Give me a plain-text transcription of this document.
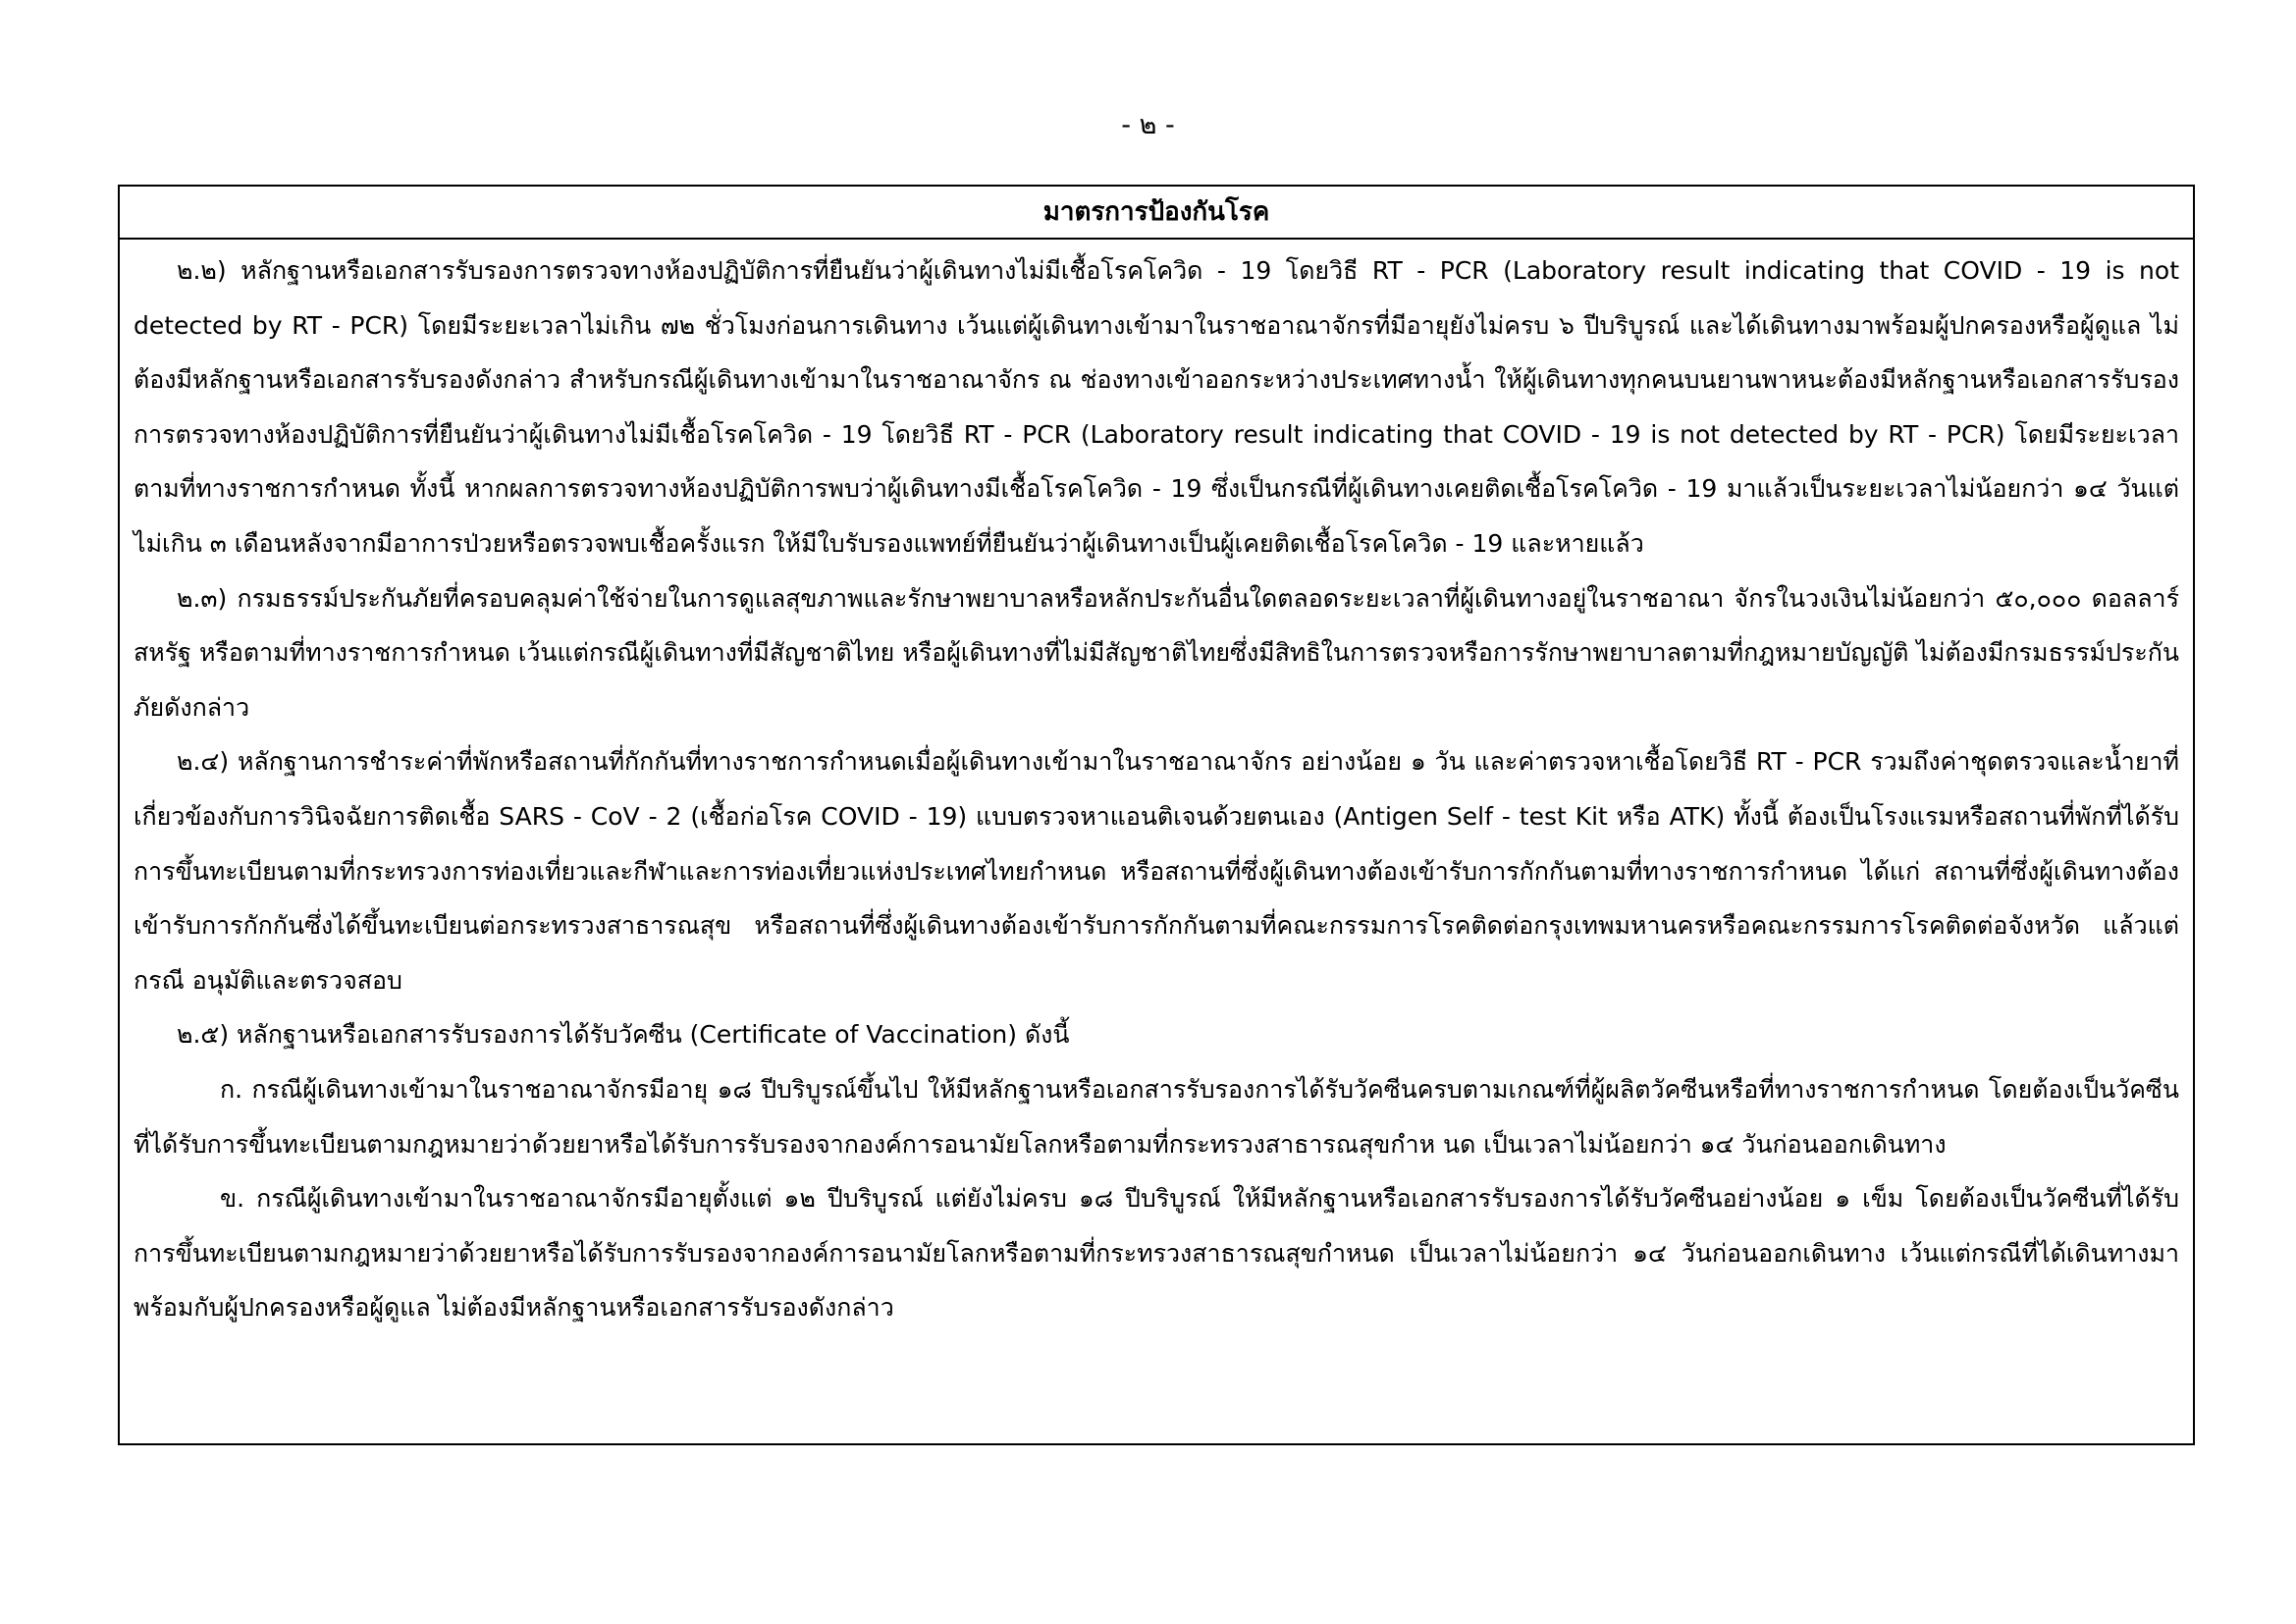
- ๒ -
มาตรการป้องกันโรค

๒.๒) หลักฐานหรือเอกสารรับรองการตรวจทางห้องปฏิบัติการที่ยืนยันว่าผู้เดินทางไม่มีเชื้อโรคโควิด - 19 โดยวิธี RT - PCR (Laboratory result indicating that COVID - 19 is not detected by RT - PCR) โดยมีระยะเวลาไม่เกิน ๗๒ ชั่วโมงก่อนการเดินทาง เว้นแต่ผู้เดินทางเข้ามาในราชอาณาจักรที่มีอายุยังไม่ครบ ๖ ปีบริบูรณ์ และได้เดินทางมาพร้อมผู้ปกครองหรือผู้ดูแล ไม่ต้องมีหลักฐานหรือเอกสารรับรองดังกล่าว สำหรับกรณีผู้เดินทางเข้ามาในราชอาณาจักร ณ ช่องทางเข้าออกระหว่างประเทศทางน้ำ ให้ผู้เดินทางทุกคนบนยานพาหนะต้องมีหลักฐานหรือเอกสารรับรองการตรวจทางห้องปฏิบัติการที่ยืนยันว่าผู้เดินทางไม่มีเชื้อโรคโควิด - 19 โดยวิธี RT - PCR (Laboratory result indicating that COVID - 19 is not detected by RT - PCR) โดยมีระยะเวลาตามที่ทางราชการกำหนด ทั้งนี้ หากผลการตรวจทางห้องปฏิบัติการพบว่าผู้เดินทางมีเชื้อโรคโควิด - 19 ซึ่งเป็นกรณีที่ผู้เดินทางเคยติดเชื้อโรคโควิด - 19 มาแล้วเป็นระยะเวลาไม่น้อยกว่า ๑๔ วันแต่ไม่เกิน ๓ เดือนหลังจากมีอาการป่วยหรือตรวจพบเชื้อครั้งแรก ให้มีใบรับรองแพทย์ที่ยืนยันว่าผู้เดินทางเป็นผู้เคยติดเชื้อโรคโควิด - 19 และหายแล้ว

๒.๓) กรมธรรม์ประกันภัยที่ครอบคลุมค่าใช้จ่ายในการดูแลสุขภาพและรักษาพยาบาลหรือหลักประกันอื่นใดตลอดระยะเวลาที่ผู้เดินทางอยู่ในราชอาณา จักรในวงเงินไม่น้อยกว่า ๕๐,๐๐๐ ดอลลาร์สหรัฐ หรือตามที่ทางราชการกำหนด เว้นแต่กรณีผู้เดินทางที่มีสัญชาติไทย หรือผู้เดินทางที่ไม่มีสัญชาติไทยซึ่งมีสิทธิในการตรวจหรือการรักษาพยาบาลตามที่กฎหมายบัญญัติ ไม่ต้องมีกรมธรรม์ประกันภัยดังกล่าว

๒.๔) หลักฐานการชำระค่าที่พักหรือสถานที่กักกันที่ทางราชการกำหนดเมื่อผู้เดินทางเข้ามาในราชอาณาจักร อย่างน้อย ๑ วัน และค่าตรวจหาเชื้อโดยวิธี RT - PCR รวมถึงค่าชุดตรวจและน้ำยาที่เกี่ยวข้องกับการวินิจฉัยการติดเชื้อ SARS - CoV - 2 (เชื้อก่อโรค COVID - 19) แบบตรวจหาแอนติเจนด้วยตนเอง (Antigen Self - test Kit หรือ ATK) ทั้งนี้ ต้องเป็นโรงแรมหรือสถานที่พักที่ได้รับการขึ้นทะเบียนตามที่กระทรวงการท่องเที่ยวและกีฬาและการท่องเที่ยวแห่งประเทศไทยกำหนด หรือสถานที่ซึ่งผู้เดินทางต้องเข้ารับการกักกันตามที่ทางราชการกำหนด ได้แก่ สถานที่ซึ่งผู้เดินทางต้องเข้ารับการกักกันซึ่งได้ขึ้นทะเบียนต่อกระทรวงสาธารณสุข หรือสถานที่ซึ่งผู้เดินทางต้องเข้ารับการกักกันตามที่คณะกรรมการโรคติดต่อกรุงเทพมหานครหรือคณะกรรมการโรคติดต่อจังหวัด แล้วแต่กรณี อนุมัติและตรวจสอบ

๒.๕) หลักฐานหรือเอกสารรับรองการได้รับวัคซีน (Certificate of Vaccination) ดังนี้

ก. กรณีผู้เดินทางเข้ามาในราชอาณาจักรมีอายุ ๑๘ ปีบริบูรณ์ขึ้นไป ให้มีหลักฐานหรือเอกสารรับรองการได้รับวัคซีนครบตามเกณฑ์ที่ผู้ผลิตวัคซีนหรือที่ทางราชการกำหนด โดยต้องเป็นวัคซีนที่ได้รับการขึ้นทะเบียนตามกฎหมายว่าด้วยยาหรือได้รับการรับรองจากองค์การอนามัยโลกหรือตามที่กระทรวงสาธารณสุขกำห นด เป็นเวลาไม่น้อยกว่า ๑๔ วันก่อนออกเดินทาง

ข. กรณีผู้เดินทางเข้ามาในราชอาณาจักรมีอายุตั้งแต่ ๑๒ ปีบริบูรณ์ แต่ยังไม่ครบ ๑๘ ปีบริบูรณ์ ให้มีหลักฐานหรือเอกสารรับรองการได้รับวัคซีนอย่างน้อย ๑ เข็ม โดยต้องเป็นวัคซีนที่ได้รับการขึ้นทะเบียนตามกฎหมายว่าด้วยยาหรือได้รับการรับรองจากองค์การอนามัยโลกหรือตามที่กระทรวงสาธารณสุขกำหนด เป็นเวลาไม่น้อยกว่า ๑๔ วันก่อนออกเดินทาง เว้นแต่กรณีที่ได้เดินทางมาพร้อมกับผู้ปกครองหรือผู้ดูแล ไม่ต้องมีหลักฐานหรือเอกสารรับรองดังกล่าว
